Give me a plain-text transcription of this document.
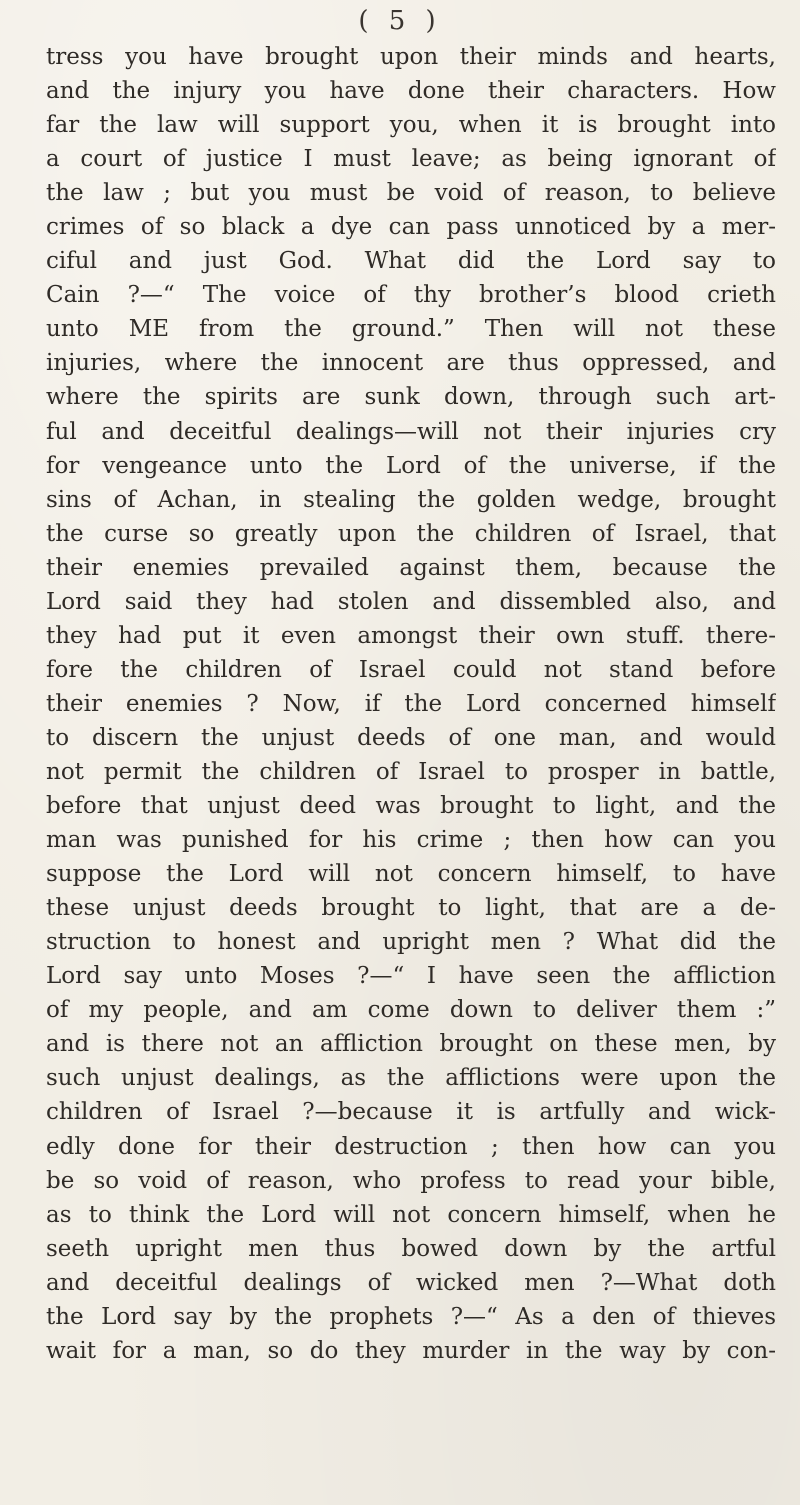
( 5 )
tress you have brought upon their minds and hearts,
and the injury you have done their characters. How
far the law will support you, when it is brought into
a court of justice I must leave; as being ignorant of
the law ; but you must be void of reason, to believe
crimes of so black a dye can pass unnoticed by a mer-
ciful and just God. What did the Lord say to
Cain ?—“ The voice of thy brother’s blood crieth
unto ME from the ground.” Then will not these
injuries, where the innocent are thus oppressed, and
where the spirits are sunk down, through such art-
ful and deceitful dealings—will not their injuries cry
for vengeance unto the Lord of the universe, if the
sins of Achan, in stealing the golden wedge, brought
the curse so greatly upon the children of Israel, that
their enemies prevailed against them, because the
Lord said they had stolen and dissembled also, and
they had put it even amongst their own stuff. there-
fore the children of Israel could not stand before
their enemies ? Now, if the Lord concerned himself
to discern the unjust deeds of one man, and would
not permit the children of Israel to prosper in battle,
before that unjust deed was brought to light, and the
man was punished for his crime ; then how can you
suppose the Lord will not concern himself, to have
these unjust deeds brought to light, that are a de-
struction to honest and upright men ? What did the
Lord say unto Moses ?—“ I have seen the affliction
of my people, and am come down to deliver them :”
and is there not an affliction brought on these men, by
such unjust dealings, as the afflictions were upon the
children of Israel ?—because it is artfully and wick-
edly done for their destruction ; then how can you
be so void of reason, who profess to read your bible,
as to think the Lord will not concern himself, when he
seeth upright men thus bowed down by the artful
and deceitful dealings of wicked men ?—What doth
the Lord say by the prophets ?—“ As a den of thieves
wait for a man, so do they murder in the way by con-
